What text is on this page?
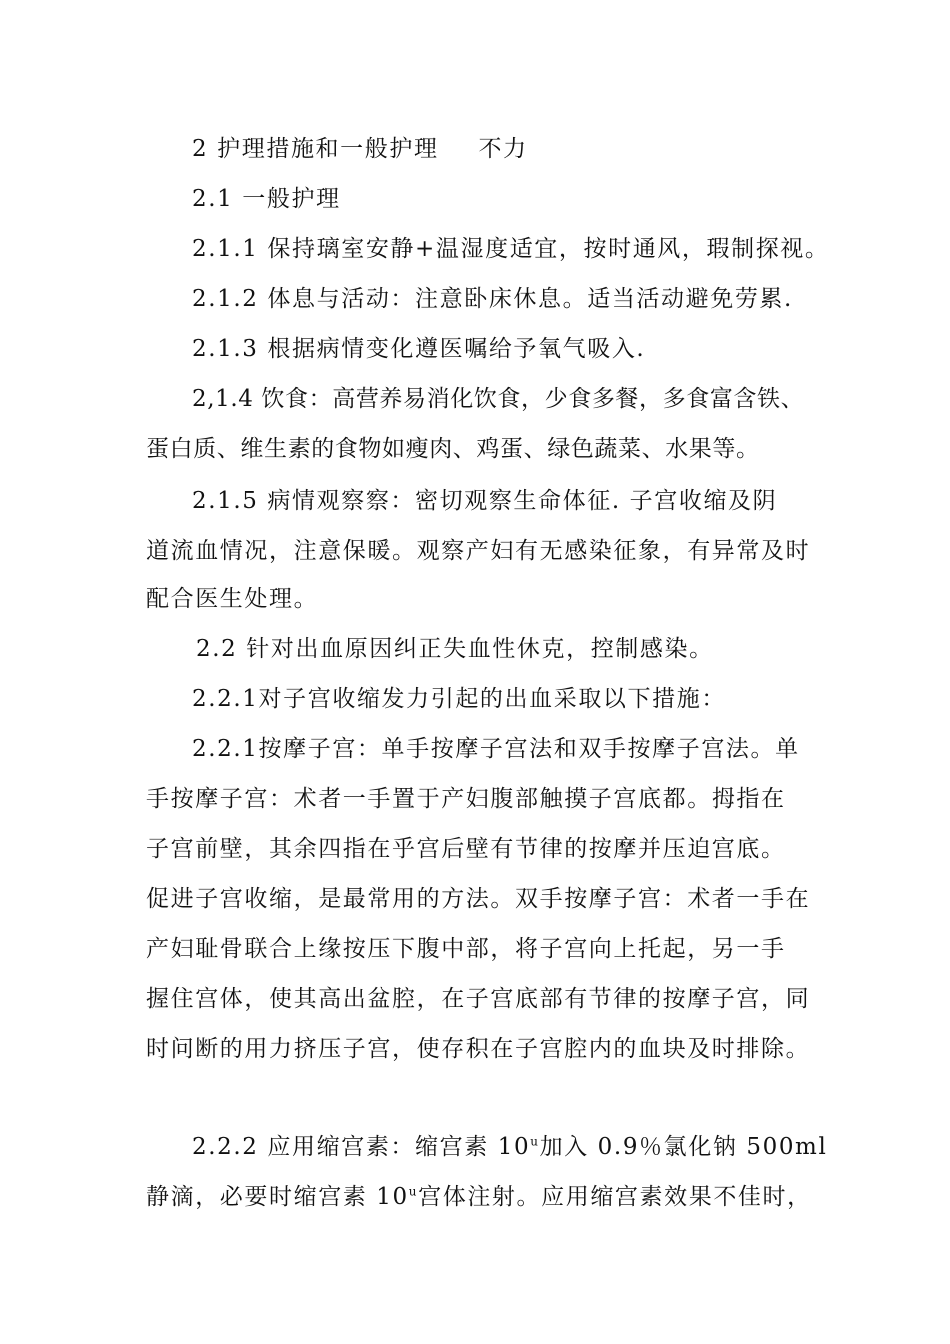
2 护理措施和一般护理 不力
2.1 一般护理
2.1.1 保持璃室安静+温湿度适宜，按时通风，瑕制探视。
2.1.2 体息与活动：注意卧床休息。适当活动避免劳累.
2.1.3 根据病情变化遵医嘱给予氧气吸入.
2,1.4 饮食：高营养易消化饮食，少食多餐，多食富含铁、
蛋白质、维生素的食物如瘦肉、鸡蛋、绿色蔬菜、水果等。
2.1.5 病情观察察：密切观察生命体征. 子宫收缩及阴
道流血情况，注意保暖。观察产妇有无感染征象，有异常及时
配合医生处理。
2.2 针对出血原因纠正失血性休克，控制感染。
2.2.1对子宫收缩发力引起的出血采取以下措施：
2.2.1按摩子宫：单手按摩子宫法和双手按摩子宫法。单
手按摩子宫：术者一手置于产妇腹部触摸子宫底都。拇指在
子宫前壁，其余四指在乎宫后壁有节律的按摩并压迫宫底。
促进子宫收缩，是最常用的方法。双手按摩子宫：术者一手在
产妇耻骨联合上缘按压下腹中部，将子宫向上托起，另一手
握住宫体，使其高出盆腔，在子宫底部有节律的按摩子宫，同
时问断的用力挤压子宫，使存积在子宫腔内的血块及时排除。
2.2.2 应用缩宫素：缩宫素 10$^u$加入 0.9％氯化钠 500ml
静滴，必要时缩宫素 10$^u$宫体注射。应用缩宫素效果不佳时，
